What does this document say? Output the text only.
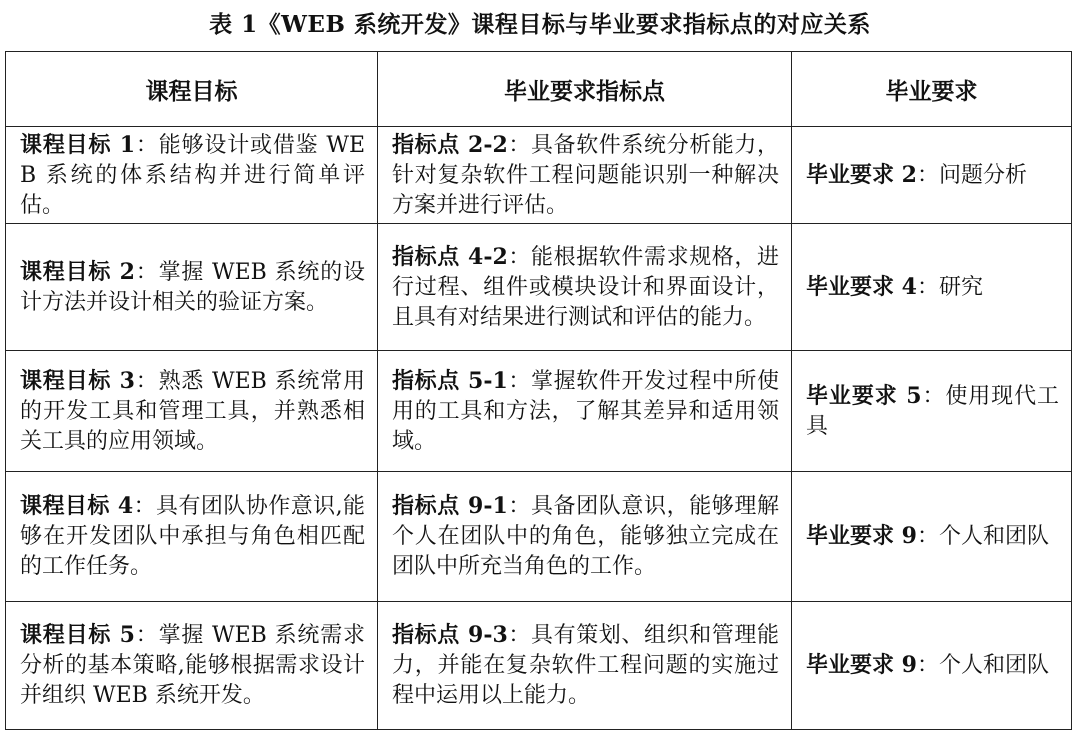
表 1《WEB 系统开发》课程目标与毕业要求指标点的对应关系
课程目标	毕业要求指标点	毕业要求
课程目标 1：能够设计或借鉴 WEB 系统的体系结构并进行简单评估。	指标点 2-2：具备软件系统分析能力，针对复杂软件工程问题能识别一种解决方案并进行评估。	毕业要求 2：问题分析
课程目标 2：掌握 WEB 系统的设计方法并设计相关的验证方案。	指标点 4-2：能根据软件需求规格，进行过程、组件或模块设计和界面设计，且具有对结果进行测试和评估的能力。	毕业要求 4：研究
课程目标 3：熟悉 WEB 系统常用的开发工具和管理工具，并熟悉相关工具的应用领域。	指标点 5-1：掌握软件开发过程中所使用的工具和方法，了解其差异和适用领域。	毕业要求 5：使用现代工具
课程目标 4：具有团队协作意识,能够在开发团队中承担与角色相匹配的工作任务。	指标点 9-1：具备团队意识，能够理解个人在团队中的角色，能够独立完成在团队中所充当角色的工作。	毕业要求 9：个人和团队
课程目标 5：掌握 WEB 系统需求分析的基本策略,能够根据需求设计并组织 WEB 系统开发。	指标点 9-3：具有策划、组织和管理能力，并能在复杂软件工程问题的实施过程中运用以上能力。	毕业要求 9：个人和团队
